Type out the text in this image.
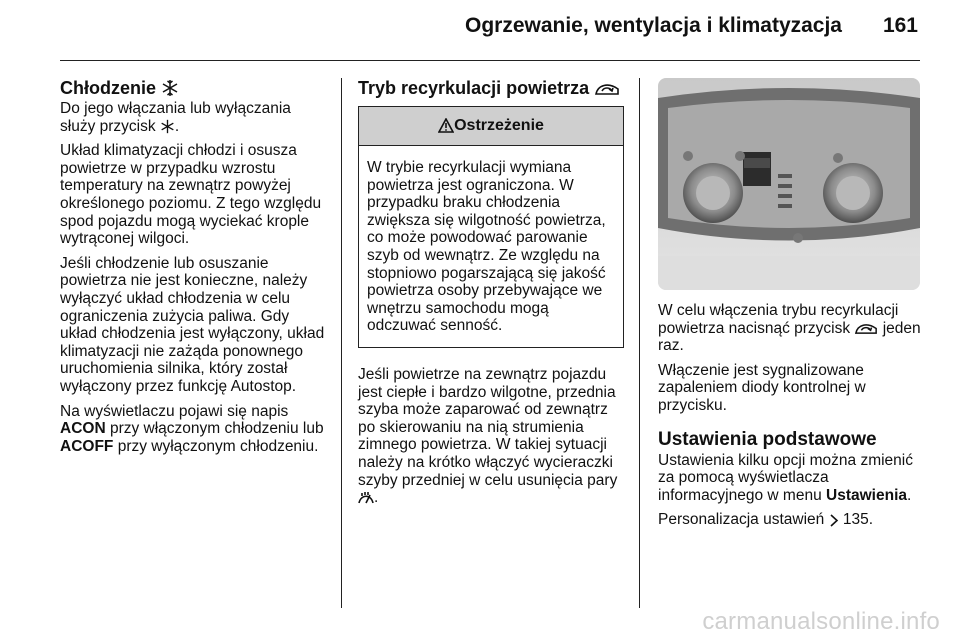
Ogrzewanie, wentylacja i klimatyzacja 161
Chłodzenie

Do jego włączania lub wyłączania służy przycisk .

Układ klimatyzacji chłodzi i osusza powietrze w przypadku wzrostu temperatury na zewnątrz powyżej określonego poziomu. Z tego względu spod pojazdu mogą wyciekać krople wytrąconej wilgoci.

Jeśli chłodzenie lub osuszanie powietrza nie jest konieczne, należy wyłączyć układ chłodzenia w celu ograniczenia zużycia paliwa. Gdy układ chłodzenia jest wyłączony, układ klimatyzacji nie zażąda ponownego uruchomienia silnika, który został wyłączony przez funkcję Autostop.

Na wyświetlaczu pojawi się napis ACON przy włączonym chłodzeniu lub ACOFF przy wyłączonym chłodzeniu.

Tryb recyrkulacji powietrza
Ostrzeżenie
W trybie recyrkulacji wymiana powietrza jest ograniczona. W przypadku braku chłodzenia zwiększa się wilgotność powietrza, co może powodować parowanie szyb od wewnątrz. Ze względu na stopniowo pogarszającą się jakość powietrza osoby przebywające we wnętrzu samochodu mogą odczuwać senność.

Jeśli powietrze na zewnątrz pojazdu jest ciepłe i bardzo wilgotne, przednia szyba może zaparować od zewnątrz po skierowaniu na nią strumienia zimnego powietrza. W takiej sytuacji należy na krótko włączyć wycieraczki szyby przedniej w celu usunięcia pary .

W celu włączenia trybu recyrkulacji powietrza nacisnąć przycisk jeden raz.

Włączenie jest sygnalizowane zapaleniem diody kontrolnej w przycisku.

Ustawienia podstawowe

Ustawienia kilku opcji można zmienić za pomocą wyświetlacza informacyjnego w menu Ustawienia.

Personalizacja ustawień 135.

carmanualsonline.info
